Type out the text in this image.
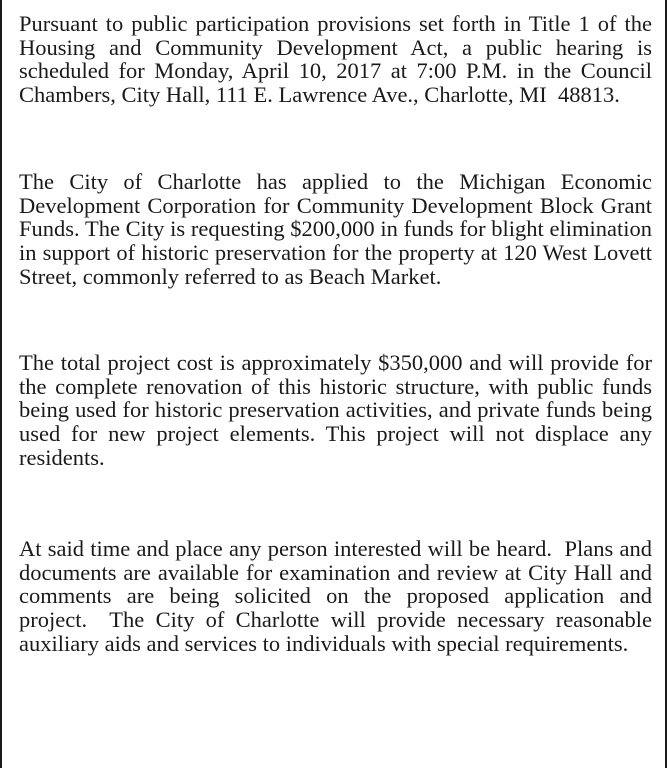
Pursuant to public participation provisions set forth in Title 1 of the Housing and Community Development Act, a public hearing is scheduled for Monday, April 10, 2017 at 7:00 P.M. in the Council Chambers, City Hall, 111 E. Lawrence Ave., Charlotte, MI  48813.

The City of Charlotte has applied to the Michigan Economic Development Corporation for Community Development Block Grant Funds. The City is requesting $200,000 in funds for blight elimination in support of historic preservation for the property at 120 West Lovett Street, commonly referred to as Beach Market.

The total project cost is approximately $350,000 and will provide for the complete renovation of this historic structure, with public funds being used for historic preservation activities, and private funds being used for new project elements. This project will not displace any residents.

At said time and place any person interested will be heard.  Plans and documents are available for examination and review at City Hall and comments are being solicited on the proposed application and project.  The City of Charlotte will provide necessary reasonable auxiliary aids and services to individuals with special requirements.
